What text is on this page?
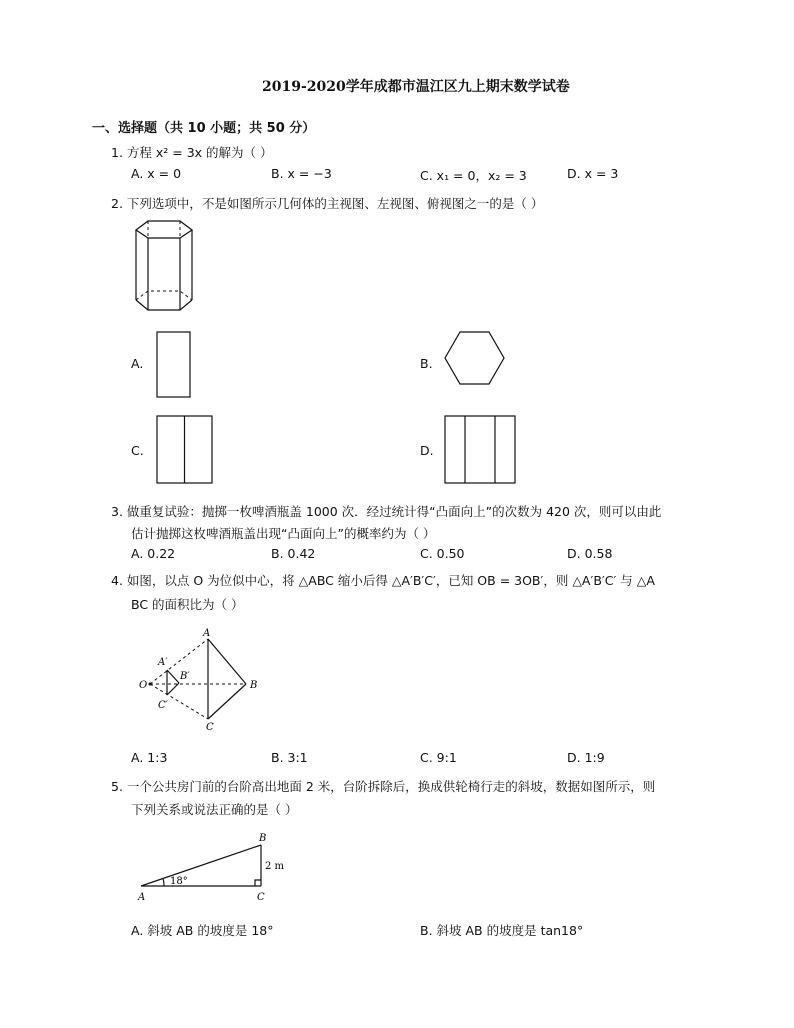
2019-2020学年成都市温江区九上期末数学试卷
一、选择题（共 10 小题；共 50 分）
1. 方程 x² = 3x 的解为（ ）
A. x = 0	B. x = −3	C. x₁ = 0，x₂ = 3	D. x = 3
2. 下列选项中，不是如图所示几何体的主视图、左视图、俯视图之一的是（ ）
A.	B.
C.	D.
3. 做重复试验：抛掷一枚啤酒瓶盖 1000 次．经过统计得“凸面向上”的次数为 420 次，则可以由此
估计抛掷这枚啤酒瓶盖出现“凸面向上”的概率约为（ ）
A. 0.22	B. 0.42	C. 0.50	D. 0.58
4. 如图，以点 O 为位似中心，将 △ABC 缩小后得 △A′B′C′，已知 OB = 3OB′，则 △A′B′C′ 与 △A
BC 的面积比为（ ）
A
A′
B′
O
C′
B
C
A. 1:3	B. 3:1	C. 9:1	D. 1:9
5. 一个公共房门前的台阶高出地面 2 米，台阶拆除后，换成供轮椅行走的斜坡，数据如图所示，则
下列关系或说法正确的是（ ）
B
2 m
18°
A	C
A. 斜坡 AB 的坡度是 18°	B. 斜坡 AB 的坡度是 tan18°
